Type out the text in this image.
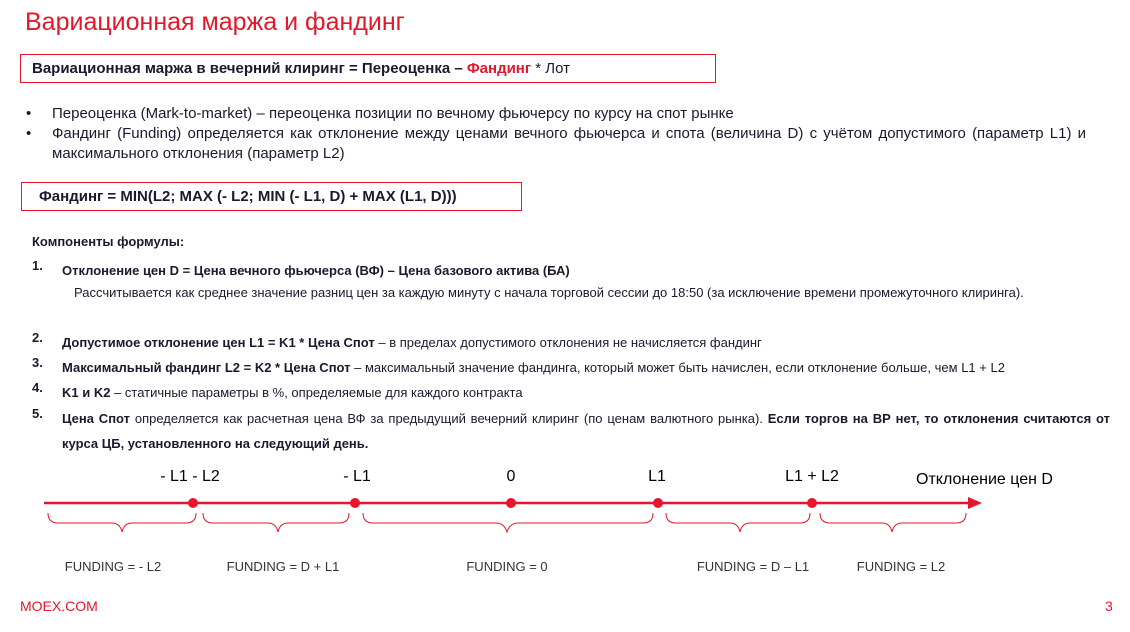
Вариационная маржа и фандинг
Вариационная маржа в вечерний клиринг = Переоценка – Фандинг * Лот
•	Переоценка (Mark-to-market) – переоценка позиции по вечному фьючерсу по курсу на спот рынке
•	Фандинг (Funding) определяется как отклонение между ценами вечного фьючерса и спота (величина D) с учётом допустимого (параметр L1) и максимального отклонения (параметр L2)
Фандинг = MIN(L2; MAX (- L2; MIN (- L1, D) + MAX (L1, D)))
Компоненты формулы:
1.	Отклонение цен D = Цена вечного фьючерса (ВФ) – Цена базового актива (БА)
Рассчитывается как среднее значение разниц цен за каждую минуту с начала торговой сессии до 18:50 (за исключение времени промежуточного клиринга).
2.	Допустимое отклонение цен L1 = K1 * Цена Спот – в пределах допустимого отклонения не начисляется фандинг
3.	Максимальный фандинг L2 = K2 * Цена Спот – максимальный значение фандинга, который может быть начислен, если отклонение больше, чем L1 + L2
4.	K1 и K2 – статичные параметры в %, определяемые для каждого контракта
5.	Цена Спот определяется как расчетная цена ВФ за предыдущий вечерний клиринг (по ценам валютного рынка). Если торгов на ВР нет, то отклонения считаются от курса ЦБ, установленного на следующий день.
- L1 - L2	- L1	0	L1	L1 + L2	Отклонение цен D
FUNDING = - L2	FUNDING = D + L1	FUNDING = 0	FUNDING = D – L1	FUNDING = L2
MOEX.COM	3
